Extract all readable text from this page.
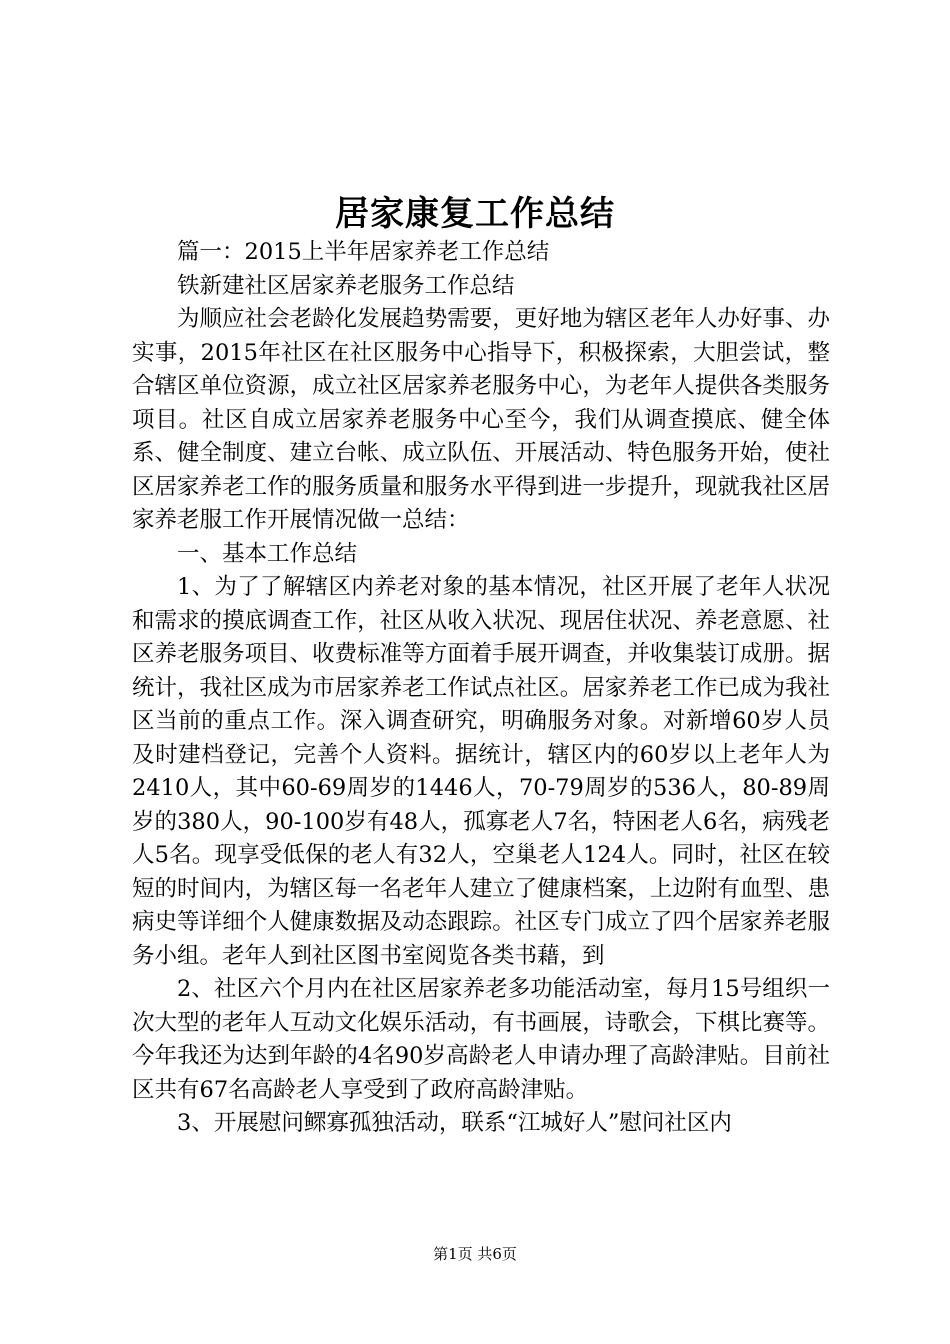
居家康复工作总结

篇一：2015上半年居家养老工作总结

铁新建社区居家养老服务工作总结

为顺应社会老龄化发展趋势需要，更好地为辖区老年人办好事、办实事，2015年社区在社区服务中心指导下，积极探索，大胆尝试，整合辖区单位资源，成立社区居家养老服务中心，为老年人提供各类服务项目。社区自成立居家养老服务中心至今，我们从调查摸底、健全体系、健全制度、建立台帐、成立队伍、开展活动、特色服务开始，使社区居家养老工作的服务质量和服务水平得到进一步提升，现就我社区居家养老服工作开展情况做一总结：

一、基本工作总结

1、为了了解辖区内养老对象的基本情况，社区开展了老年人状况和需求的摸底调查工作，社区从收入状况、现居住状况、养老意愿、社区养老服务项目、收费标准等方面着手展开调查，并收集装订成册。据统计，我社区成为市居家养老工作试点社区。居家养老工作已成为我社区当前的重点工作。深入调查研究，明确服务对象。对新增60岁人员及时建档登记，完善个人资料。据统计，辖区内的60岁以上老年人为2410人，其中60-69周岁的1446人，70-79周岁的536人，80-89周岁的380人，90-100岁有48人，孤寡老人7名，特困老人6名，病残老人5名。现享受低保的老人有32人，空巢老人124人。同时，社区在较短的时间内，为辖区每一名老年人建立了健康档案，上边附有血型、患病史等详细个人健康数据及动态跟踪。社区专门成立了四个居家养老服务小组。老年人到社区图书室阅览各类书藉，到

2、社区六个月内在社区居家养老多功能活动室，每月15号组织一次大型的老年人互动文化娱乐活动，有书画展，诗歌会，下棋比赛等。今年我还为达到年龄的4名90岁高龄老人申请办理了高龄津贴。目前社区共有67名高龄老人享受到了政府高龄津贴。

3、开展慰问鳏寡孤独活动，联系“江城好人”慰问社区内

第1页 共6页
